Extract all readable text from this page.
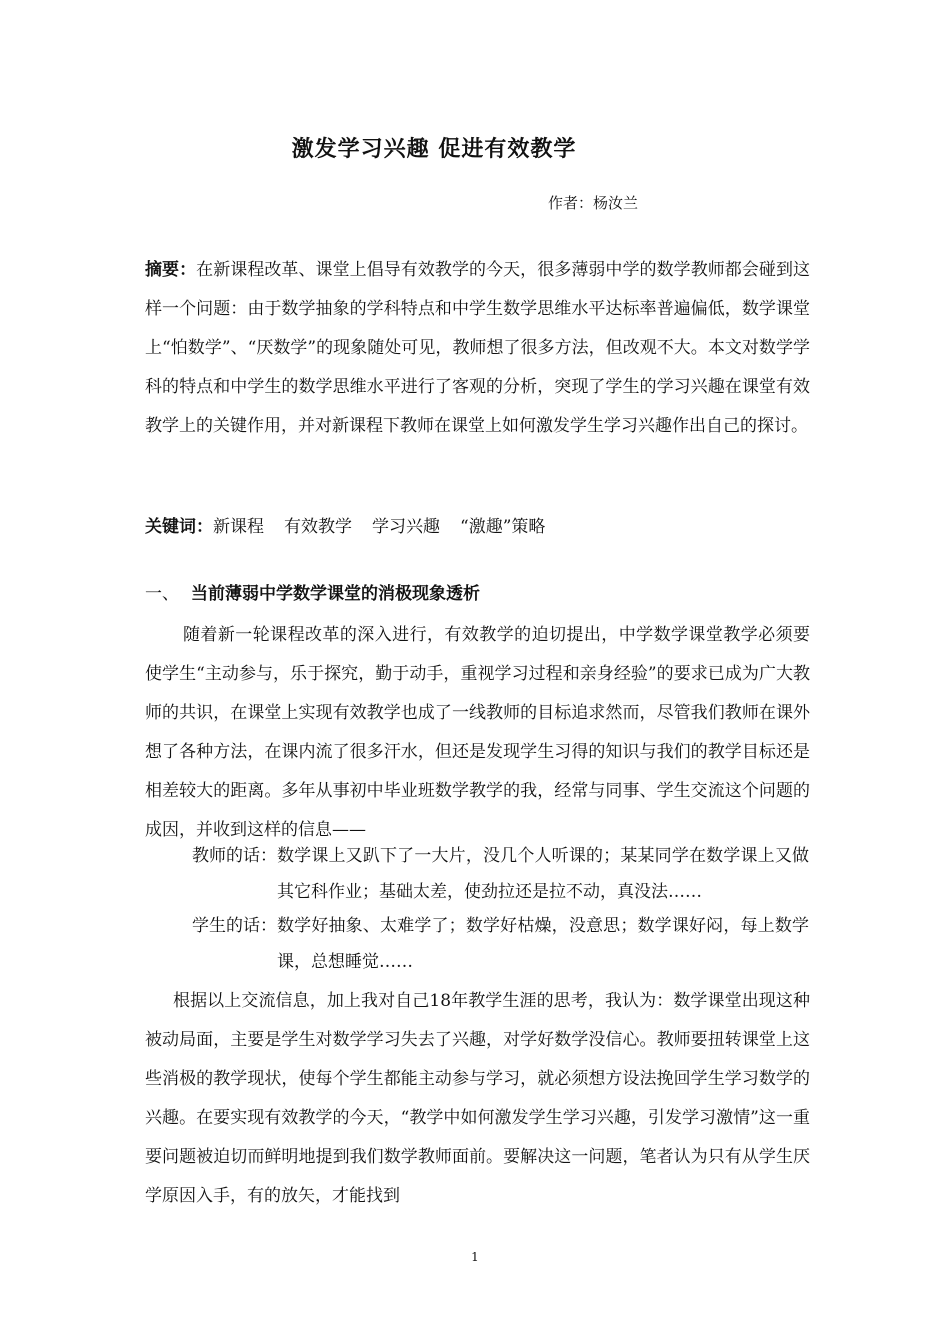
激发学习兴趣 促进有效教学
作者：杨汝兰
摘要：在新课程改革、课堂上倡导有效教学的今天，很多薄弱中学的数学教师都会碰到这样一个问题：由于数学抽象的学科特点和中学生数学思维水平达标率普遍偏低，数学课堂上“怕数学”、“厌数学”的现象随处可见，教师想了很多方法，但改观不大。本文对数学学科的特点和中学生的数学思维水平进行了客观的分析，突现了学生的学习兴趣在课堂有效教学上的关键作用，并对新课程下教师在课堂上如何激发学生学习兴趣作出自己的探讨。
关键词：新课程 有效教学 学习兴趣 “激趣”策略
一、 当前薄弱中学数学课堂的消极现象透析
随着新一轮课程改革的深入进行，有效教学的迫切提出，中学数学课堂教学必须要使学生“主动参与，乐于探究，勤于动手，重视学习过程和亲身经验”的要求已成为广大教师的共识，在课堂上实现有效教学也成了一线教师的目标追求然而，尽管我们教师在课外想了各种方法，在课内流了很多汗水，但还是发现学生习得的知识与我们的教学目标还是相差较大的距离。多年从事初中毕业班数学教学的我，经常与同事、学生交流这个问题的成因，并收到这样的信息——
教师的话：数学课上又趴下了一大片，没几个人听课的；某某同学在数学课上又做其它科作业；基础太差，使劲拉还是拉不动，真没法……
学生的话：数学好抽象、太难学了；数学好枯燥，没意思；数学课好闷，每上数学课，总想睡觉……
根据以上交流信息，加上我对自己18年教学生涯的思考，我认为：数学课堂出现这种被动局面，主要是学生对数学学习失去了兴趣，对学好数学没信心。教师要扭转课堂上这些消极的教学现状，使每个学生都能主动参与学习，就必须想方设法挽回学生学习数学的兴趣。在要实现有效教学的今天，“教学中如何激发学生学习兴趣，引发学习激情”这一重要问题被迫切而鲜明地提到我们数学教师面前。要解决这一问题，笔者认为只有从学生厌学原因入手，有的放矢，才能找到
1
